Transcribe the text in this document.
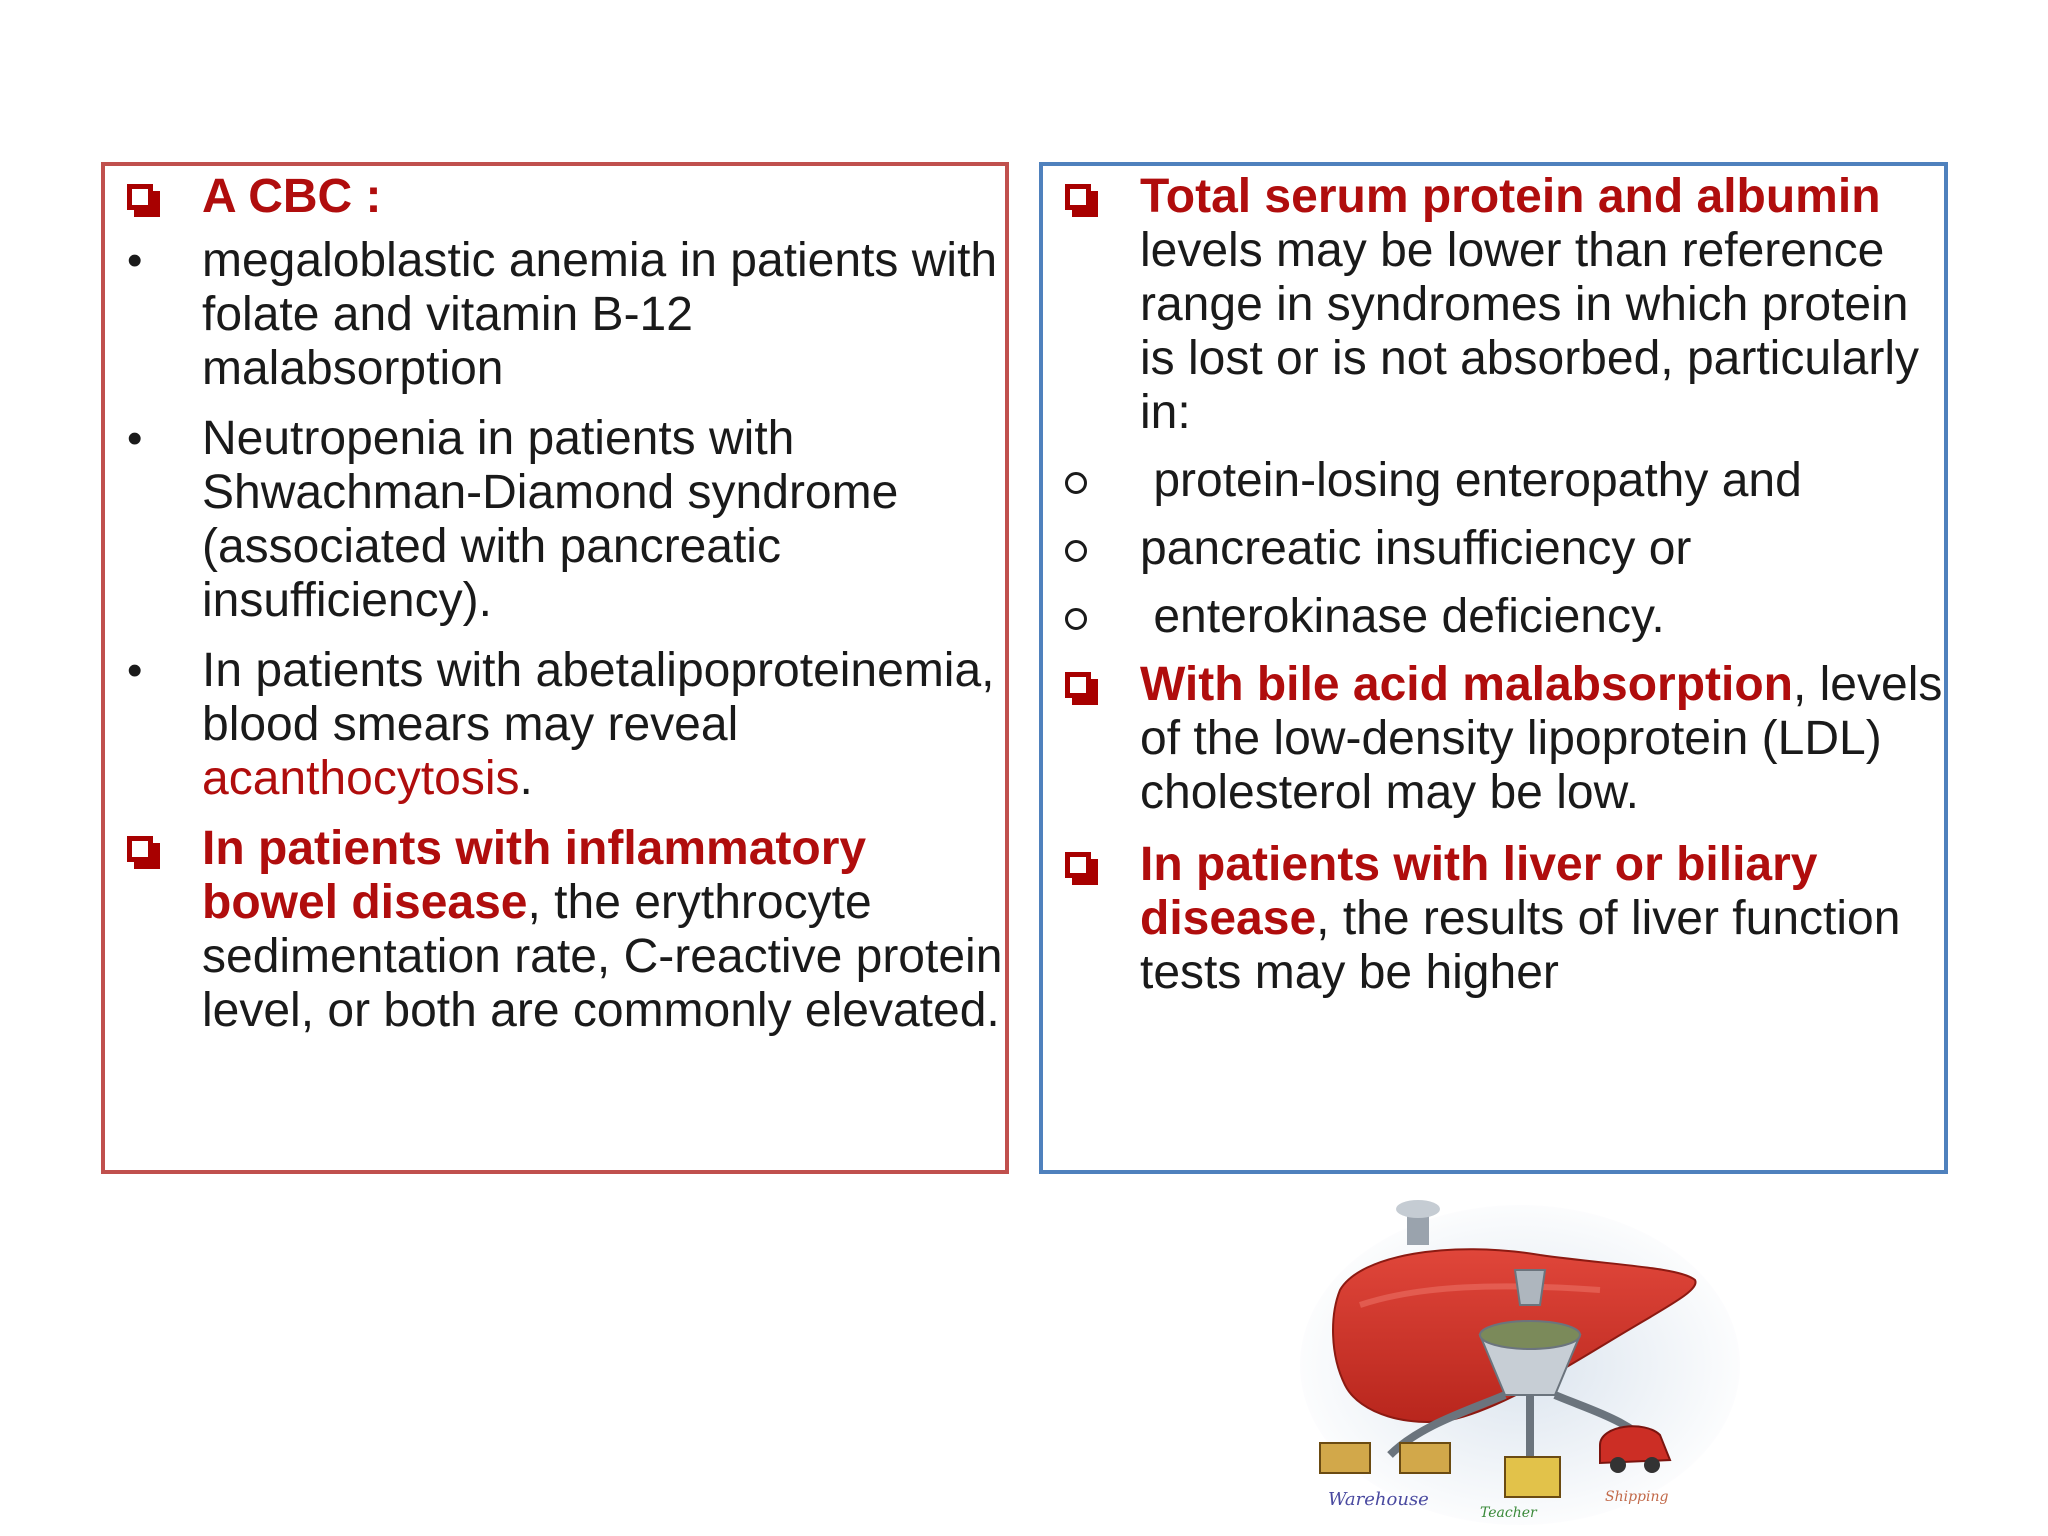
A CBC :
•	megaloblastic anemia in patients with folate and vitamin B-12 malabsorption
•	Neutropenia in patients with Shwachman-Diamond syndrome (associated with pancreatic insufficiency).
•	In patients with abetalipoproteinemia, blood smears may reveal acanthocytosis.
In patients with inflammatory bowel disease, the erythrocyte sedimentation rate, C-reactive protein level, or both are commonly elevated.
Total serum protein and albumin levels may be lower than reference range in syndromes in which protein is lost or is not absorbed, particularly in:
protein-losing enteropathy and
pancreatic insufficiency or
enterokinase deficiency.
With bile acid malabsorption, levels of the low-density lipoprotein (LDL) cholesterol may be low.
In patients with liver or biliary disease, the results of liver function tests may be higher
Warehouse
Teacher
Shipping
